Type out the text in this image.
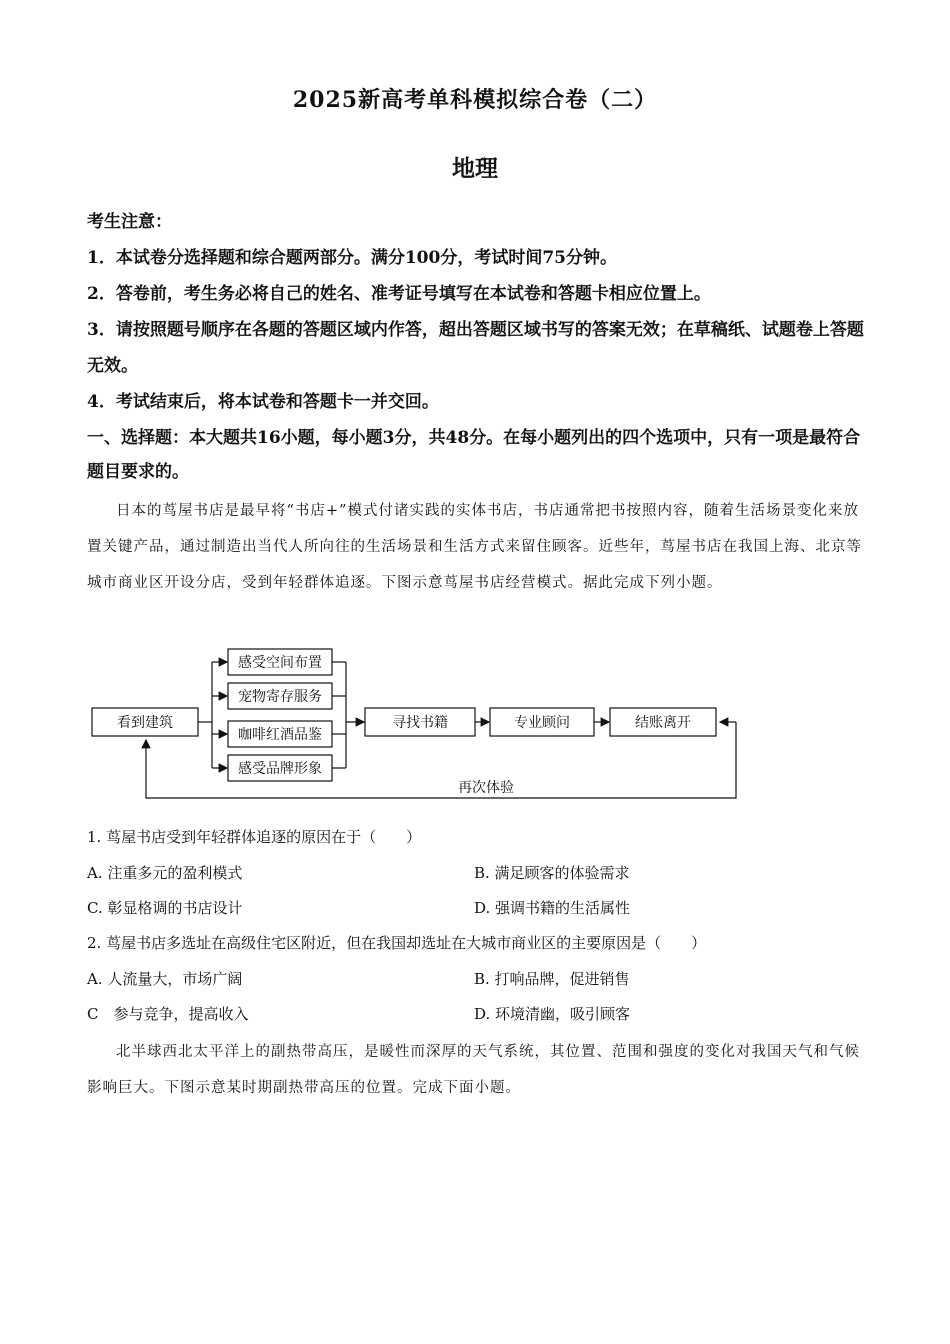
2025新高考单科模拟综合卷（二）
地理

考生注意：

1．本试卷分选择题和综合题两部分。满分100分，考试时间75分钟。

2．答卷前，考生务必将自己的姓名、准考证号填写在本试卷和答题卡相应位置上。

3．请按照题号顺序在各题的答题区域内作答，超出答题区域书写的答案无效；在草稿纸、试题卷上答题无效。

4．考试结束后，将本试卷和答题卡一并交回。

一、选择题：本大题共16小题，每小题3分，共48分。在每小题列出的四个选项中，只有一项是最符合题目要求的。
日本的茑屋书店是最早将“书店+”模式付诸实践的实体书店，书店通常把书按照内容，随着生活场景变化来放置关键产品，通过制造出当代人所向往的生活场景和生活方式来留住顾客。近些年，茑屋书店在我国上海、北京等城市商业区开设分店，受到年轻群体追逐。下图示意茑屋书店经营模式。据此完成下列小题。
看到建筑
感受空间布置
宠物寄存服务
咖啡红酒品鉴
感受品牌形象
寻找书籍	专业顾问	结账离开
再次体验
1. 茑屋书店受到年轻群体追逐的原因在于（　　）
A. 注重多元的盈利模式	B. 满足顾客的体验需求
C. 彰显格调的书店设计	D. 强调书籍的生活属性
2. 茑屋书店多选址在高级住宅区附近，但在我国却选址在大城市商业区的主要原因是（　　）
A. 人流量大，市场广阔	B. 打响品牌，促进销售
C　参与竞争，提高收入	D. 环境清幽，吸引顾客
北半球西北太平洋上的副热带高压，是暖性而深厚的天气系统，其位置、范围和强度的变化对我国天气和气候影响巨大。下图示意某时期副热带高压的位置。完成下面小题。
